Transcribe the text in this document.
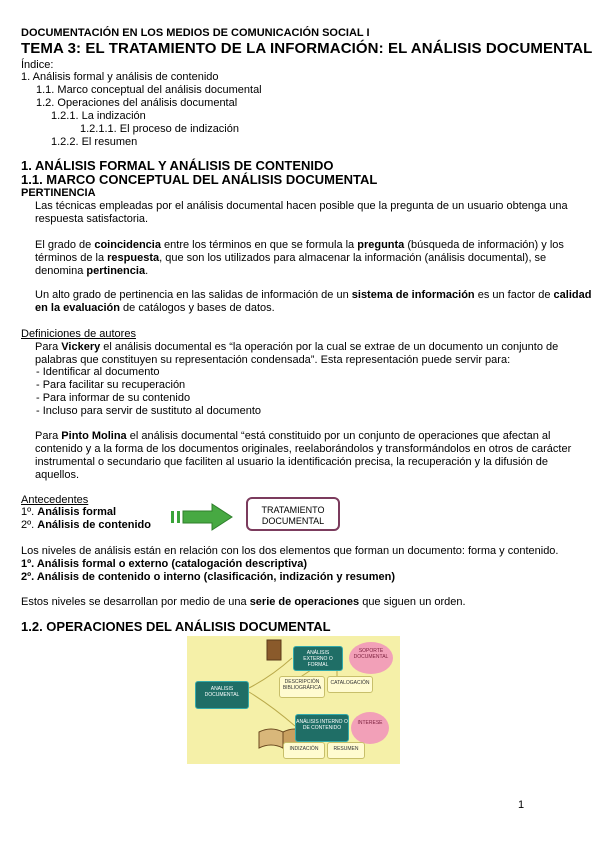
DOCUMENTACIÓN EN LOS MEDIOS DE COMUNICACIÓN SOCIAL I
TEMA 3: EL TRATAMIENTO DE LA INFORMACIÓN: EL ANÁLISIS DOCUMENTAL
Índice:
1. Análisis formal y análisis de contenido
1.1. Marco conceptual del análisis documental
1.2. Operaciones del análisis documental
1.2.1. La indización
1.2.1.1. El proceso de indización
1.2.2. El resumen
1. ANÁLISIS FORMAL Y ANÁLISIS DE CONTENIDO
1.1. MARCO CONCEPTUAL DEL ANÁLISIS DOCUMENTAL
PERTINENCIA
Las técnicas empleadas por el análisis documental hacen posible que la pregunta de un usuario obtenga una respuesta satisfactoria.
El grado de coincidencia entre los términos en que se formula la pregunta (búsqueda de información) y los términos de la respuesta, que son los utilizados para almacenar la información (análisis documental), se denomina pertinencia.
Un alto grado de pertinencia en las salidas de información de un sistema de información es un factor de calidad en la evaluación de catálogos y bases de datos.
Definiciones de autores
Para Vickery el análisis documental es “la operación por la cual se extrae de un documento un conjunto de palabras que constituyen su representación condensada”. Esta representación puede servir para:
- Identificar al documento
- Para facilitar su recuperación
- Para informar de su contenido
- Incluso para servir de sustituto al documento
Para Pinto Molina el análisis documental “está constituido por un conjunto de operaciones que afectan al contenido y a la forma de los documentos originales, reelaborándolos y transformándolos en otros de carácter instrumental o secundario que faciliten al usuario la identificación precisa, la recuperación y la difusión de aquellos.
Antecedentes
1º. Análisis formal
2º. Análisis de contenido
TRATAMIENTO
DOCUMENTAL
Los niveles de análisis están en relación con los dos elementos que forman un documento: forma y contenido.
1º. Análisis formal o externo (catalogación descriptiva)
2º. Análisis de contenido o interno (clasificación, indización y resumen)
Estos niveles se desarrollan por medio de una serie de operaciones que siguen un orden.
1.2. OPERACIONES DEL ANÁLISIS DOCUMENTAL
ANALISIS DOCUMENTAL
ANÁLISIS EXTERNO O FORMAL
SOPORTE DOCUMENTAL
DESCRIPCIÓN BIBLIOGRÁFICA
CATALOGACIÓN
ANÁLISIS INTERNO O DE CONTENIDO
INTERESE
INDIZACIÓN	RESUMEN
1
